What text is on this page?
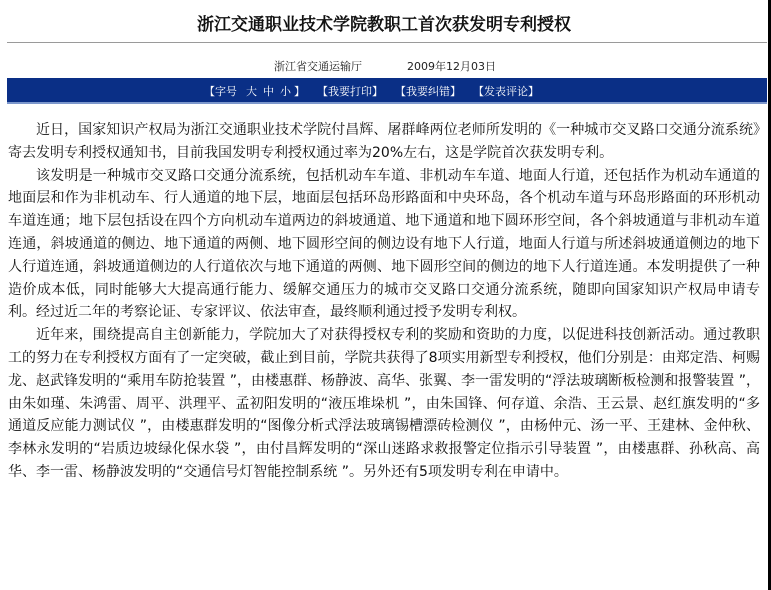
浙江交通职业技术学院教职工首次获发明专利授权
浙江省交通运输厅	2009年12月03日
【字号 大 中 小 】 【我要打印】 【我要纠错】 【发表评论】

近日，国家知识产权局为浙江交通职业技术学院付昌辉、屠群峰两位老师所发明的《一种城市交叉路口交通分流系统》寄去发明专利授权通知书，目前我国发明专利授权通过率为20%左右，这是学院首次获发明专利。

该发明是一种城市交叉路口交通分流系统，包括机动车车道、非机动车车道、地面人行道，还包括作为机动车通道的地面层和作为非机动车、行人通道的地下层，地面层包括环岛形路面和中央环岛，各个机动车道与环岛形路面的环形机动车道连通；地下层包括设在四个方向机动车道两边的斜坡通道、地下通道和地下圆环形空间，各个斜坡通道与非机动车道连通，斜坡通道的侧边、地下通道的两侧、地下圆形空间的侧边设有地下人行道，地面人行道与所述斜坡通道侧边的地下人行道连通，斜坡通道侧边的人行道依次与地下通道的两侧、地下圆形空间的侧边的地下人行道连通。本发明提供了一种造价成本低，同时能够大大提高通行能力、缓解交通压力的城市交叉路口交通分流系统，随即向国家知识产权局申请专利。经过近二年的考察论证、专家评议、依法审查，最终顺利通过授予发明专利权。

近年来，围绕提高自主创新能力，学院加大了对获得授权专利的奖励和资助的力度，以促进科技创新活动。通过教职工的努力在专利授权方面有了一定突破，截止到目前，学院共获得了8项实用新型专利授权，他们分别是：由郑定浩、柯赐龙、赵武锋发明的“乘用车防抢装置 ”，由楼惠群、杨静波、高华、张翼、李一雷发明的“浮法玻璃断板检测和报警装置 ”，由朱如瑾、朱鸿雷、周平、洪理平、孟初阳发明的“液压堆垛机 ”，由朱国锋、何存道、余浩、王云景、赵红旗发明的“多通道反应能力测试仪 ”，由楼惠群发明的“图像分析式浮法玻璃锡槽漂砖检测仪 ”，由杨仲元、汤一平、王建林、金仲秋、李林永发明的“岩质边坡绿化保水袋 ”，由付昌辉发明的“深山迷路求救报警定位指示引导装置 ”，由楼惠群、孙秋高、高华、李一雷、杨静波发明的“交通信号灯智能控制系统 ”。另外还有5项发明专利在申请中。
